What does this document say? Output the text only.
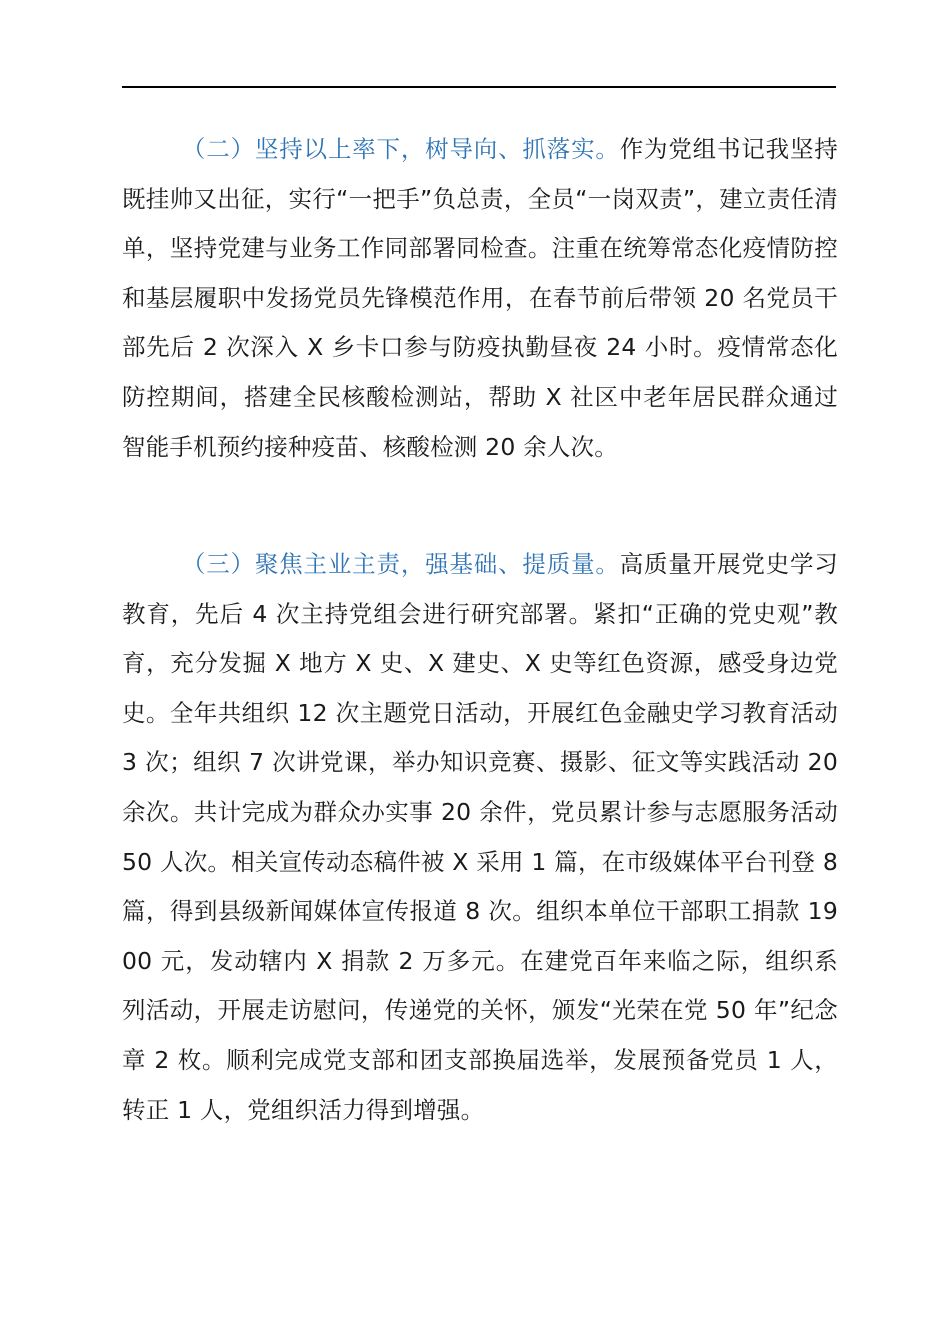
（二）坚持以上率下，树导向、抓落实。作为党组书记我坚持既挂帅又出征，实行“一把手”负总责，全员“一岗双责”，建立责任清单，坚持党建与业务工作同部署同检查。注重在统筹常态化疫情防控和基层履职中发扬党员先锋模范作用，在春节前后带领 20 名党员干部先后 2 次深入 X 乡卡口参与防疫执勤昼夜 24 小时。疫情常态化防控期间，搭建全民核酸检测站，帮助 X 社区中老年居民群众通过智能手机预约接种疫苗、核酸检测 20 余人次。

（三）聚焦主业主责，强基础、提质量。高质量开展党史学习教育，先后 4 次主持党组会进行研究部署。紧扣“正确的党史观”教育，充分发掘 X 地方 X 史、X 建史、X 史等红色资源，感受身边党史。全年共组织 12 次主题党日活动，开展红色金融史学习教育活动 3 次；组织 7 次讲党课，举办知识竞赛、摄影、征文等实践活动 20 余次。共计完成为群众办实事 20 余件，党员累计参与志愿服务活动 50 人次。相关宣传动态稿件被 X 采用 1 篇，在市级媒体平台刊登 8 篇，得到县级新闻媒体宣传报道 8 次。组织本单位干部职工捐款 1900 元，发动辖内 X 捐款 2 万多元。在建党百年来临之际，组织系列活动，开展走访慰问，传递党的关怀，颁发“光荣在党 50 年”纪念章 2 枚。顺利完成党支部和团支部换届选举，发展预备党员 1 人，转正 1 人，党组织活力得到增强。
